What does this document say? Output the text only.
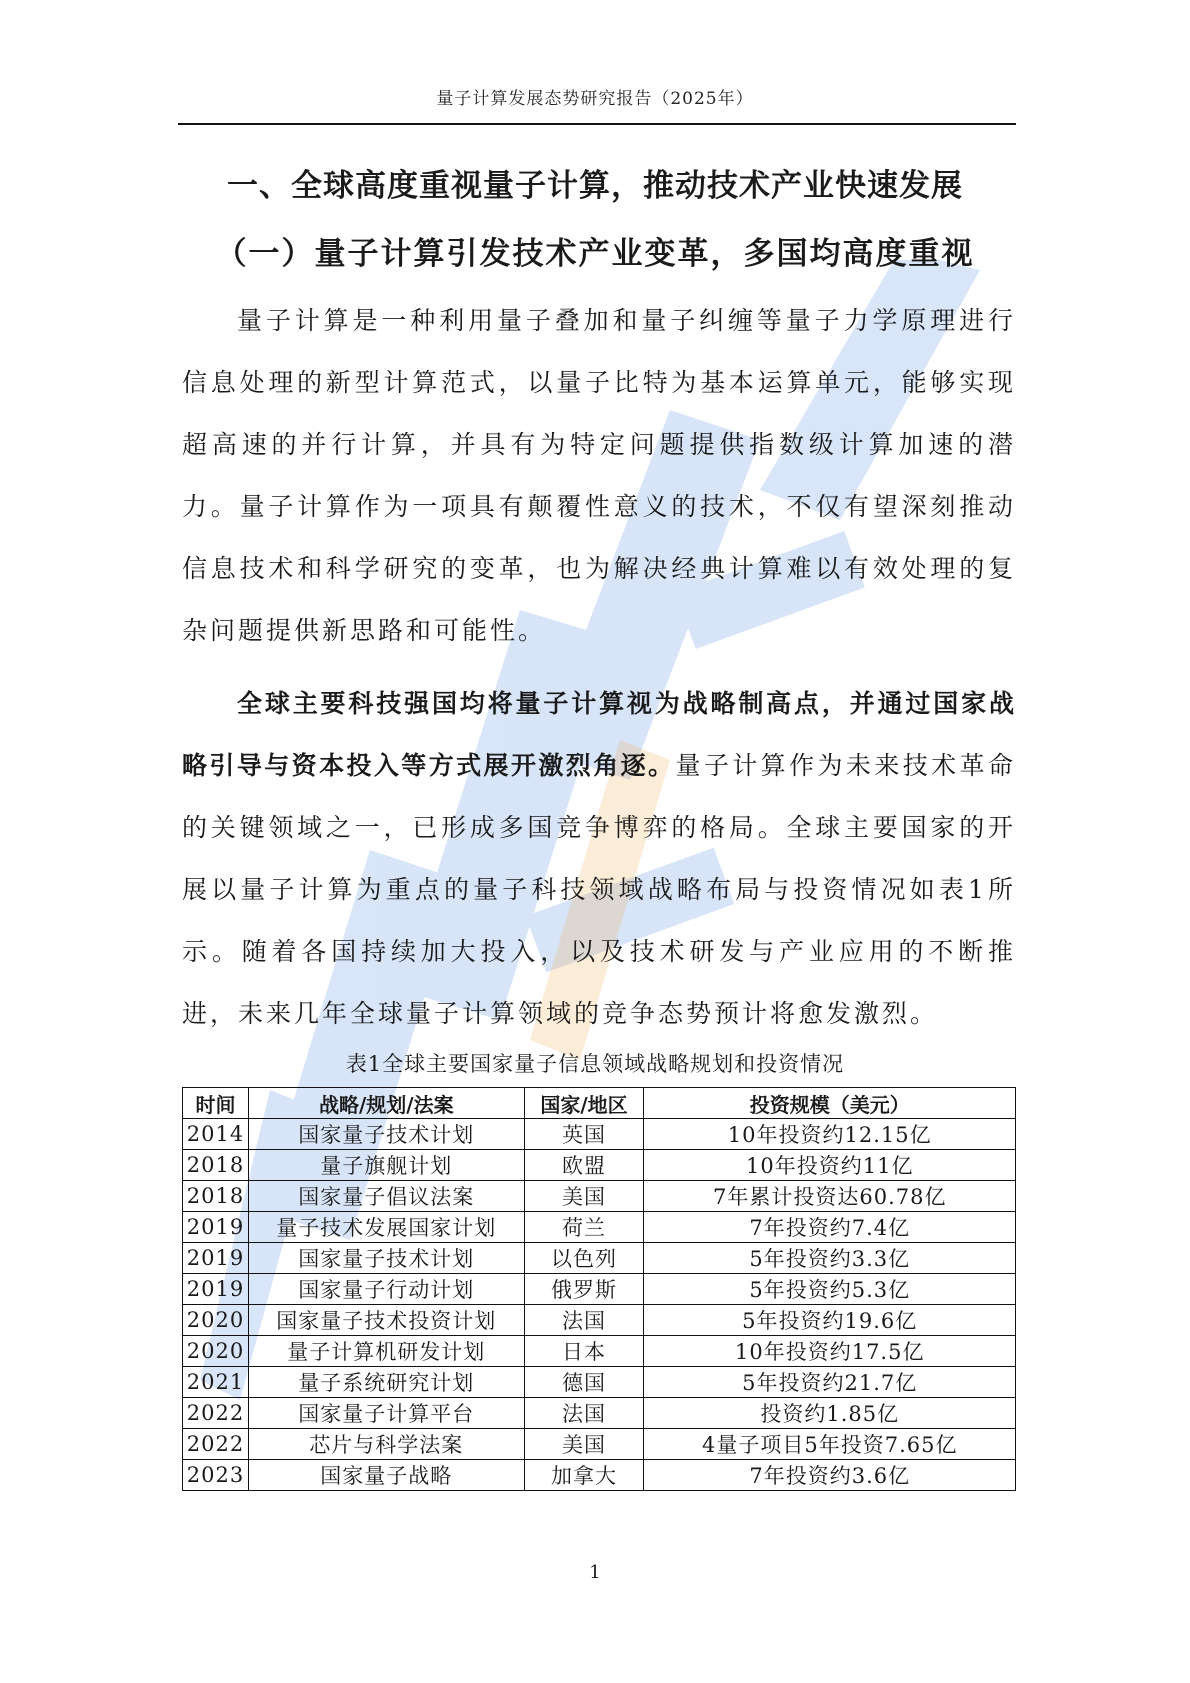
量子计算发展态势研究报告（2025年）
一、全球高度重视量子计算，推动技术产业快速发展
（一）量子计算引发技术产业变革，多国均高度重视

量子计算是一种利用量子叠加和量子纠缠等量子力学原理进行信息处理的新型计算范式，以量子比特为基本运算单元，能够实现超高速的并行计算，并具有为特定问题提供指数级计算加速的潜力。量子计算作为一项具有颠覆性意义的技术，不仅有望深刻推动信息技术和科学研究的变革，也为解决经典计算难以有效处理的复杂问题提供新思路和可能性。

全球主要科技强国均将量子计算视为战略制高点，并通过国家战略引导与资本投入等方式展开激烈角逐。量子计算作为未来技术革命的关键领域之一，已形成多国竞争博弈的格局。全球主要国家的开展以量子计算为重点的量子科技领域战略布局与投资情况如表1所示。随着各国持续加大投入，以及技术研发与产业应用的不断推进，未来几年全球量子计算领域的竞争态势预计将愈发激烈。

表1全球主要国家量子信息领域战略规划和投资情况
时间	战略/规划/法案	国家/地区	投资规模（美元）
2014	国家量子技术计划	英国	10年投资约12.15亿
2018	量子旗舰计划	欧盟	10年投资约11亿
2018	国家量子倡议法案	美国	7年累计投资达60.78亿
2019	量子技术发展国家计划	荷兰	7年投资约7.4亿
2019	国家量子技术计划	以色列	5年投资约3.3亿
2019	国家量子行动计划	俄罗斯	5年投资约5.3亿
2020	国家量子技术投资计划	法国	5年投资约19.6亿
2020	量子计算机研发计划	日本	10年投资约17.5亿
2021	量子系统研究计划	德国	5年投资约21.7亿
2022	国家量子计算平台	法国	投资约1.85亿
2022	芯片与科学法案	美国	4量子项目5年投资7.65亿
2023	国家量子战略	加拿大	7年投资约3.6亿
1
